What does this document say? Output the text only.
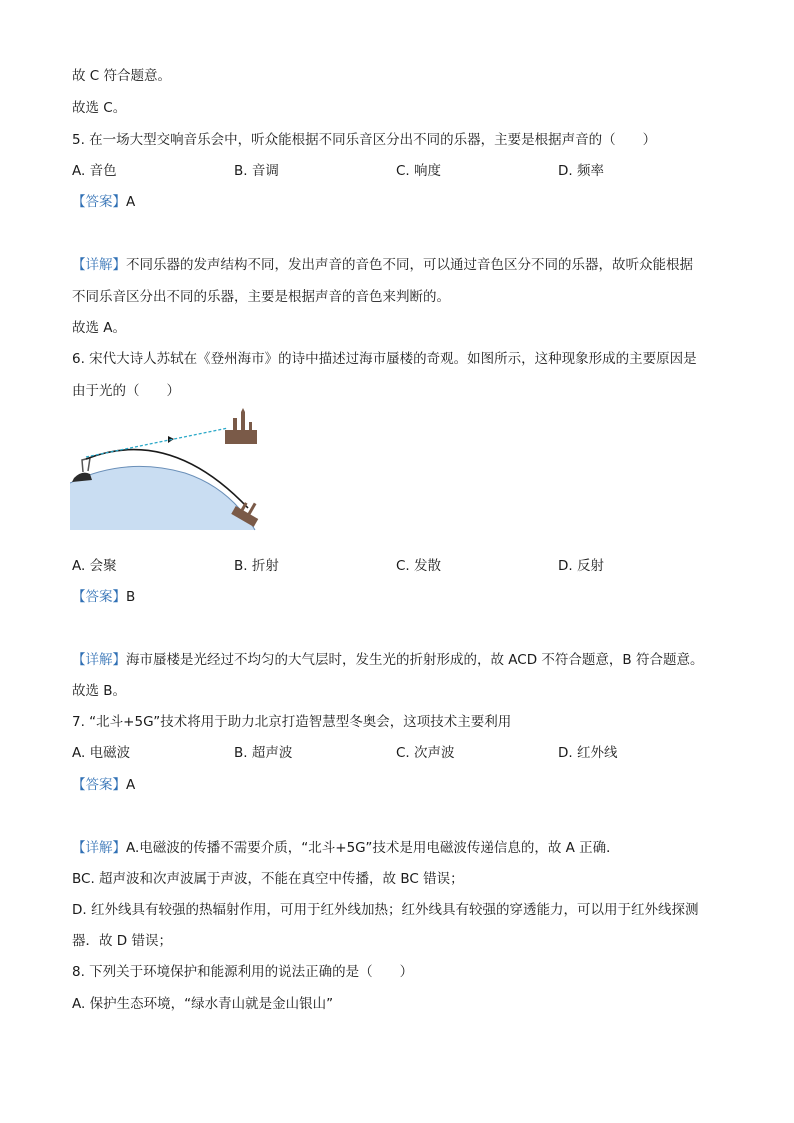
故 C 符合题意。
故选 C。
5. 在一场大型交响音乐会中，听众能根据不同乐音区分出不同的乐器，主要是根据声音的（　　）
A. 音色	B. 音调	C. 响度	D. 频率
【答案】A
【详解】不同乐器的发声结构不同，发出声音的音色不同，可以通过音色区分不同的乐器，故听众能根据
不同乐音区分出不同的乐器，主要是根据声音的音色来判断的。
故选 A。
6. 宋代大诗人苏轼在《登州海市》的诗中描述过海市蜃楼的奇观。如图所示，这种现象形成的主要原因是
由于光的（　　）
A. 会聚	B. 折射	C. 发散	D. 反射
【答案】B
【详解】海市蜃楼是光经过不均匀的大气层时，发生光的折射形成的，故 ACD 不符合题意，B 符合题意。
故选 B。
7. “北斗+5G”技术将用于助力北京打造智慧型冬奥会，这项技术主要利用
A. 电磁波	B. 超声波	C. 次声波	D. 红外线
【答案】A
【详解】A.电磁波的传播不需要介质，“北斗+5G”技术是用电磁波传递信息的，故 A 正确．
BC. 超声波和次声波属于声波，不能在真空中传播，故 BC 错误；
D. 红外线具有较强的热辐射作用，可用于红外线加热；红外线具有较强的穿透能力，可以用于红外线探测
器．故 D 错误；
8. 下列关于环境保护和能源利用的说法正确的是（　　）
A. 保护生态环境，“绿水青山就是金山银山”
